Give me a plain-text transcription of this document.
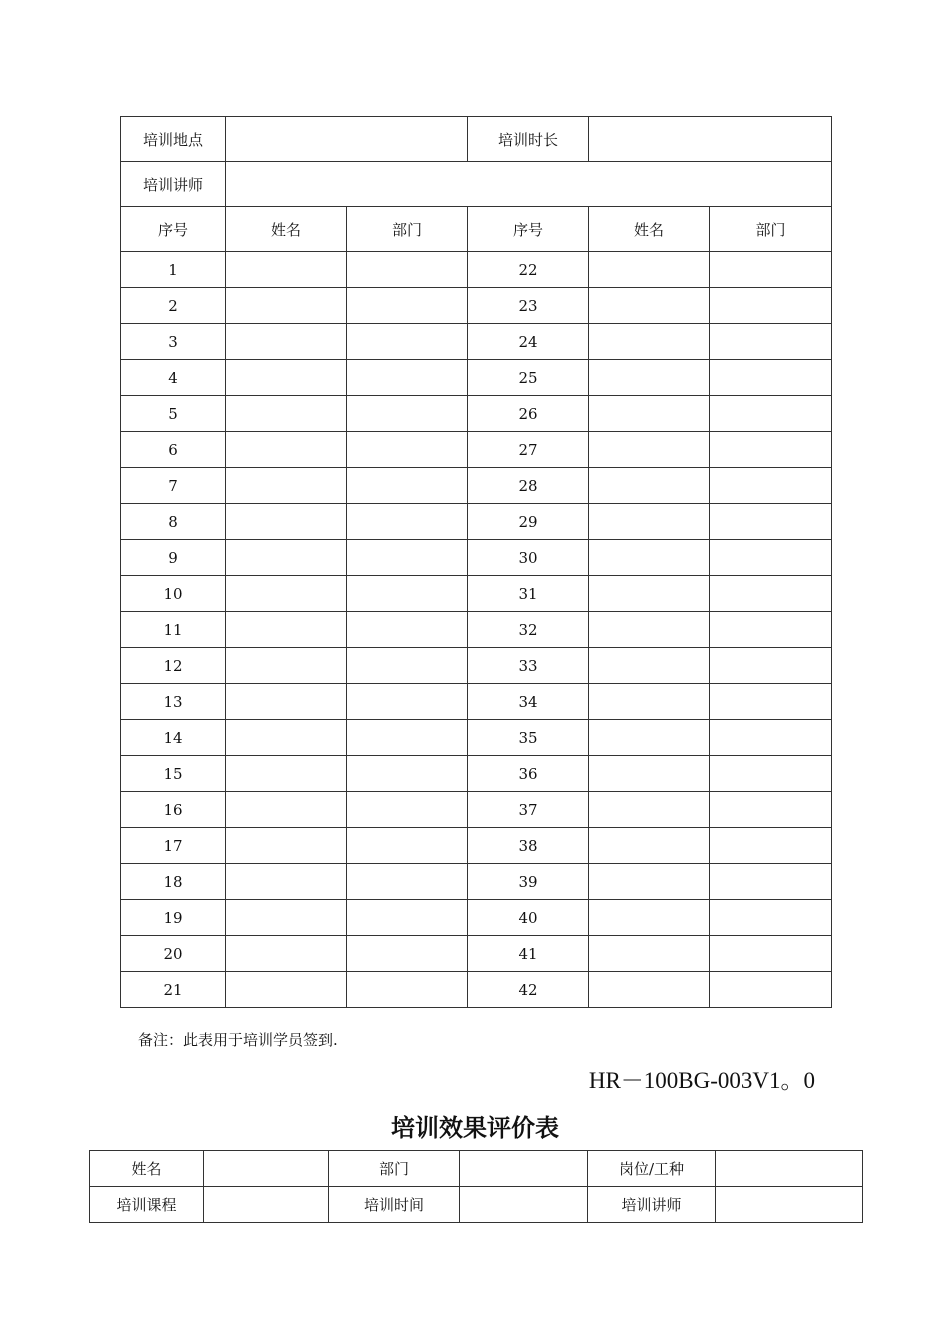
培训地点			培训时长		
培训讲师					
序号	姓名	部门	序号	姓名	部门
1			22		
2			23		
3			24		
4			25		
5			26		
6			27		
7			28		
8			29		
9			30		
10			31		
11			32		
12			33		
13			34		
14			35		
15			36		
16			37		
17			38		
18			39		
19			40		
20			41		
21			42		
备注：此表用于培训学员签到.
HR－100BG-003V1。0
培训效果评价表
姓名		部门		岗位/工种	
培训课程		培训时间		培训讲师	
